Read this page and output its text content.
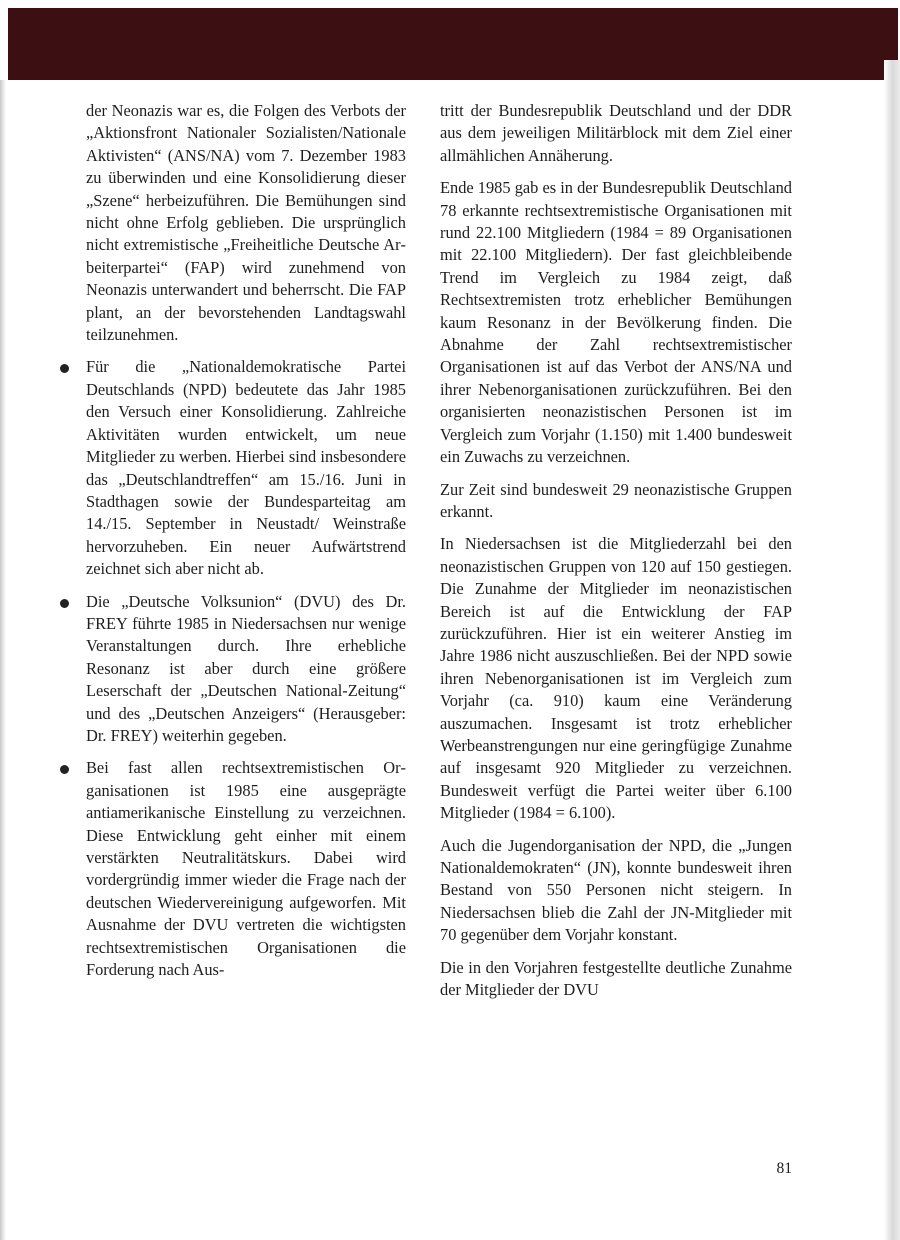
der Neonazis war es, die Folgen des Verbots der „Aktionsfront Nationaler Sozialisten/Nationale Aktivisten“ (ANS/NA) vom 7. Dezember 1983 zu überwinden und eine Konsolidierung dieser „Szene“ herbeizuführen. Die Bemühungen sind nicht ohne Erfolg geblieben. Die ursprünglich nicht extremistische „Freiheitliche Deutsche Arbeiterpartei“ (FAP) wird zunehmend von Neonazis unterwandert und beherrscht. Die FAP plant, an der bevorstehenden Landtagswahl teilzunehmen.

Für die „Nationaldemokratische Partei Deutschlands (NPD) bedeutete das Jahr 1985 den Versuch einer Konsolidierung. Zahlreiche Aktivitäten wurden entwickelt, um neue Mitglieder zu werben. Hierbei sind insbesondere das „Deutschlandtreffen“ am 15./16. Juni in Stadthagen sowie der Bundesparteitag am 14./15. September in Neustadt/ Weinstraße hervorzuheben. Ein neuer Aufwärtstrend zeichnet sich aber nicht ab.

Die „Deutsche Volksunion“ (DVU) des Dr. FREY führte 1985 in Niedersachsen nur wenige Veranstaltungen durch. Ihre erhebliche Resonanz ist aber durch eine größere Leserschaft der „Deutschen National-Zeitung“ und des „Deutschen Anzeigers“ (Herausgeber: Dr. FREY) weiterhin gegeben.

Bei fast allen rechtsextremistischen Organisationen ist 1985 eine ausgeprägte antiamerikanische Einstellung zu verzeichnen. Diese Entwicklung geht einher mit einem verstärkten Neutralitätskurs. Dabei wird vordergründig immer wieder die Frage nach der deutschen Wiedervereinigung aufgeworfen. Mit Ausnahme der DVU vertreten die wichtigsten rechtsextremistischen Organisationen die Forderung nach Aus-

tritt der Bundesrepublik Deutschland und der DDR aus dem jeweiligen Militärblock mit dem Ziel einer allmählichen Annäherung.

Ende 1985 gab es in der Bundesrepublik Deutschland 78 erkannte rechtsextremistische Organisationen mit rund 22.100 Mitgliedern (1984 = 89 Organisationen mit 22.100 Mitgliedern). Der fast gleichbleibende Trend im Vergleich zu 1984 zeigt, daß Rechtsextremisten trotz erheblicher Bemühungen kaum Resonanz in der Bevölkerung finden. Die Abnahme der Zahl rechtsextremistischer Organisationen ist auf das Verbot der ANS/NA und ihrer Nebenorganisationen zurückzuführen. Bei den organisierten neonazistischen Personen ist im Vergleich zum Vorjahr (1.150) mit 1.400 bundesweit ein Zuwachs zu verzeichnen.

Zur Zeit sind bundesweit 29 neonazistische Gruppen erkannt.

In Niedersachsen ist die Mitgliederzahl bei den neonazistischen Gruppen von 120 auf 150 gestiegen. Die Zunahme der Mitglieder im neonazistischen Bereich ist auf die Entwicklung der FAP zurückzuführen. Hier ist ein weiterer Anstieg im Jahre 1986 nicht auszuschließen. Bei der NPD sowie ihren Nebenorganisationen ist im Vergleich zum Vorjahr (ca. 910) kaum eine Veränderung auszumachen. Insgesamt ist trotz erheblicher Werbeanstrengungen nur eine geringfügige Zunahme auf insgesamt 920 Mitglieder zu verzeichnen. Bundesweit verfügt die Partei weiter über 6.100 Mitglieder (1984 = 6.100).

Auch die Jugendorganisation der NPD, die „Jungen Nationaldemokraten“ (JN), konnte bundesweit ihren Bestand von 550 Personen nicht steigern. In Niedersachsen blieb die Zahl der JN-Mitglieder mit 70 gegenüber dem Vorjahr konstant.

Die in den Vorjahren festgestellte deutliche Zunahme der Mitglieder der DVU

81
